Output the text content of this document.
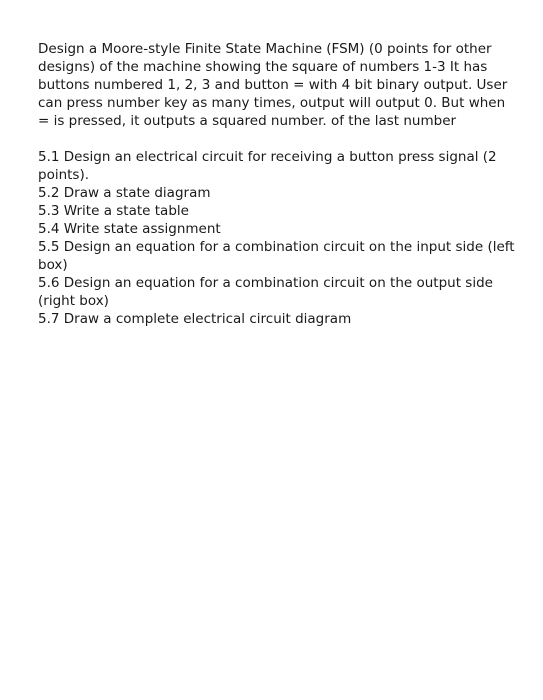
Design a Moore-style Finite State Machine (FSM) (0 points for other designs) of the machine showing the square of numbers 1-3 It has buttons numbered 1, 2, 3 and button = with 4 bit binary output. User can press number key as many times, output will output 0. But when = is pressed, it outputs a squared number. of the last number

5.1 Design an electrical circuit for receiving a button press signal (2 points).
5.2 Draw a state diagram
5.3 Write a state table
5.4 Write state assignment
5.5 Design an equation for a combination circuit on the input side (left box)
5.6 Design an equation for a combination circuit on the output side (right box)
5.7 Draw a complete electrical circuit diagram
